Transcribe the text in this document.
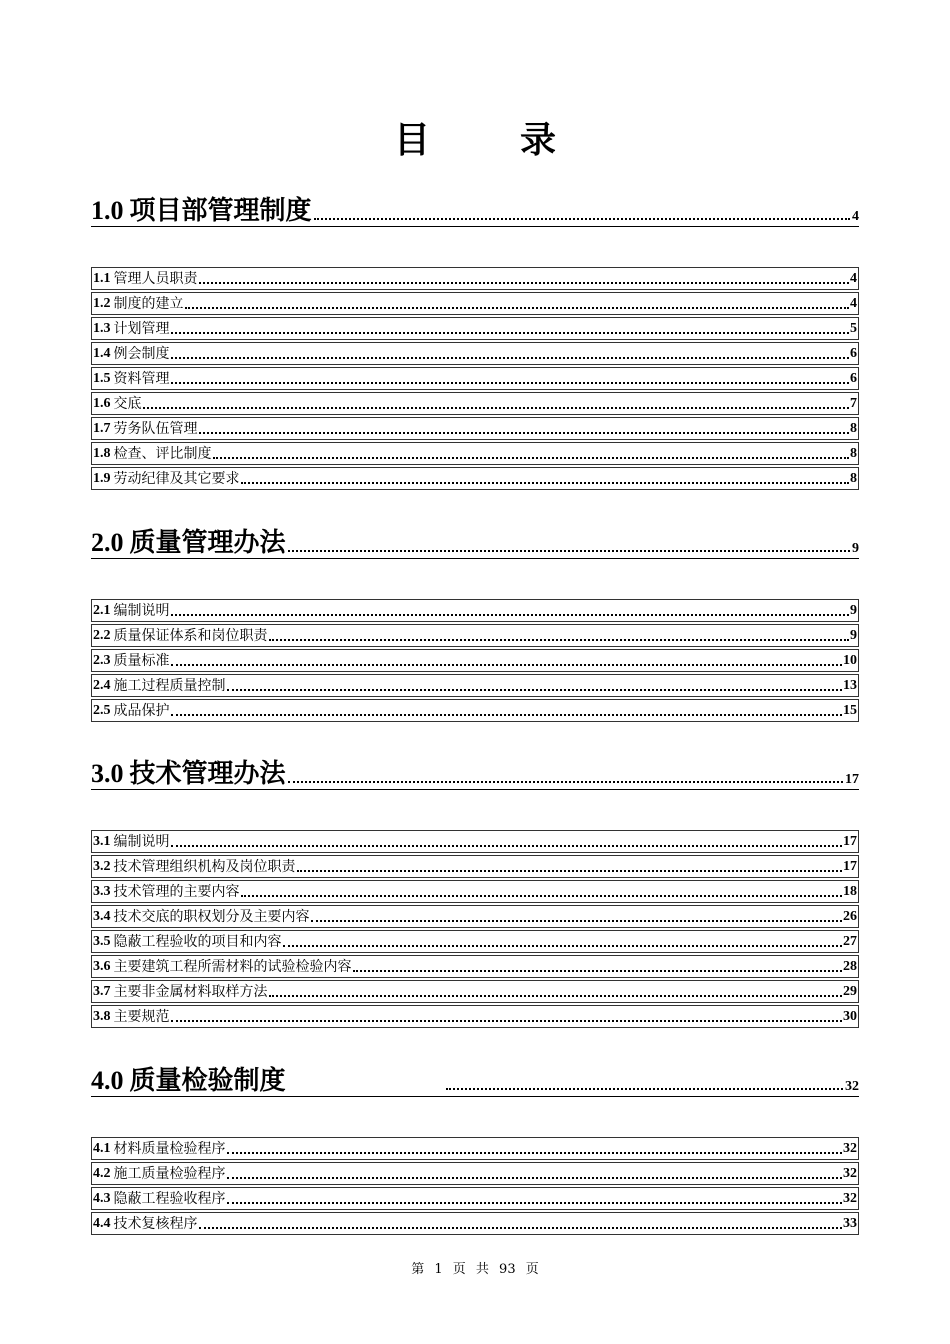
目	录
1.0 项目部管理制度	4
1.1 管理人员职责	4
1.2 制度的建立	4
1.3 计划管理	5
1.4 例会制度	6
1.5 资料管理	6
1.6 交底	7
1.7 劳务队伍管理	8
1.8 检查、评比制度	8
1.9 劳动纪律及其它要求	8
2.0 质量管理办法	9
2.1 编制说明	9
2.2 质量保证体系和岗位职责	9
2.3 质量标准	10
2.4 施工过程质量控制	13
2.5 成品保护	15
3.0 技术管理办法	17
3.1 编制说明	17
3.2 技术管理组织机构及岗位职责	17
3.3 技术管理的主要内容	18
3.4 技术交底的职权划分及主要内容	26
3.5 隐蔽工程验收的项目和内容	27
3.6 主要建筑工程所需材料的试验检验内容	28
3.7 主要非金属材料取样方法	29
3.8 主要规范	30
4.0 质量检验制度	32
4.1 材料质量检验程序	32
4.2 施工质量检验程序	32
4.3 隐蔽工程验收程序	32
4.4 技术复核程序	33
第 1 页 共 93 页
